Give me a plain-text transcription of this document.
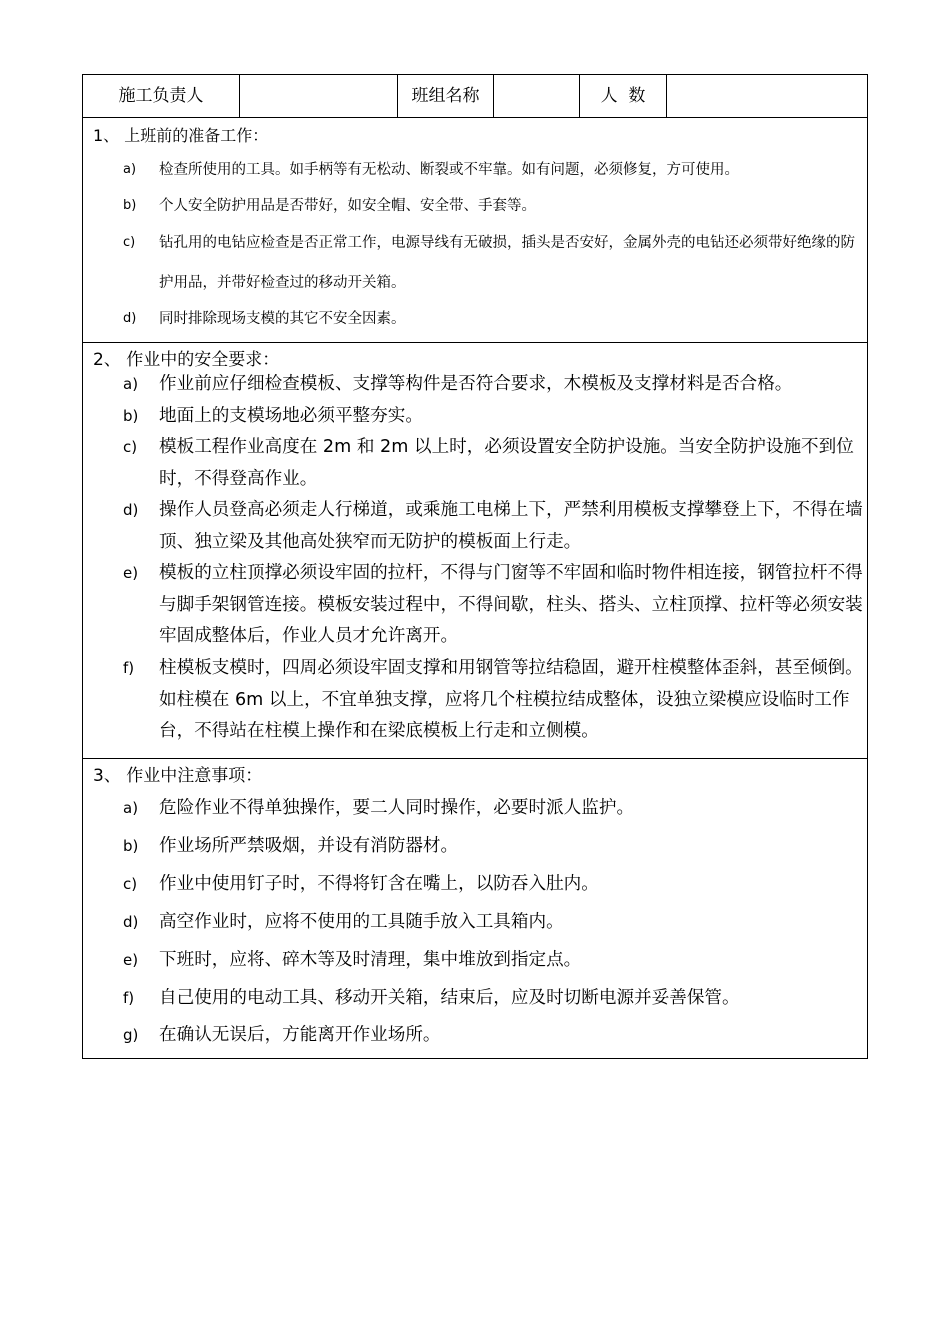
施工负责人	班组名称	人  数
1、 上班前的准备工作：
a) 检查所使用的工具。如手柄等有无松动、断裂或不牢靠。如有问题，必须修复，方可使用。
b) 个人安全防护用品是否带好，如安全帽、安全带、手套等。
c) 钻孔用的电钻应检查是否正常工作，电源导线有无破损，插头是否安好，金属外壳的电钻还必须带好绝缘的防护用品，并带好检查过的移动开关箱。
d) 同时排除现场支模的其它不安全因素。
2、 作业中的安全要求：
a) 作业前应仔细检查模板、支撑等构件是否符合要求，木模板及支撑材料是否合格。
b) 地面上的支模场地必须平整夯实。
c) 模板工程作业高度在 2m 和 2m 以上时，必须设置安全防护设施。当安全防护设施不到位时，不得登高作业。
d) 操作人员登高必须走人行梯道，或乘施工电梯上下，严禁利用模板支撑攀登上下，不得在墙顶、独立梁及其他高处狭窄而无防护的模板面上行走。
e) 模板的立柱顶撑必须设牢固的拉杆，不得与门窗等不牢固和临时物件相连接，钢管拉杆不得与脚手架钢管连接。模板安装过程中，不得间歇，柱头、搭头、立柱顶撑、拉杆等必须安装牢固成整体后，作业人员才允许离开。
f) 柱模板支模时，四周必须设牢固支撑和用钢管等拉结稳固，避开柱模整体歪斜，甚至倾倒。如柱模在 6m 以上，不宜单独支撑，应将几个柱模拉结成整体，设独立梁模应设临时工作台，不得站在柱模上操作和在梁底模板上行走和立侧模。
3、 作业中注意事项：
a) 危险作业不得单独操作，要二人同时操作，必要时派人监护。
b) 作业场所严禁吸烟，并设有消防器材。
c) 作业中使用钉子时，不得将钉含在嘴上，以防吞入肚内。
d) 高空作业时，应将不使用的工具随手放入工具箱内。
e) 下班时，应将、碎木等及时清理，集中堆放到指定点。
f) 自己使用的电动工具、移动开关箱，结束后，应及时切断电源并妥善保管。
g) 在确认无误后，方能离开作业场所。
